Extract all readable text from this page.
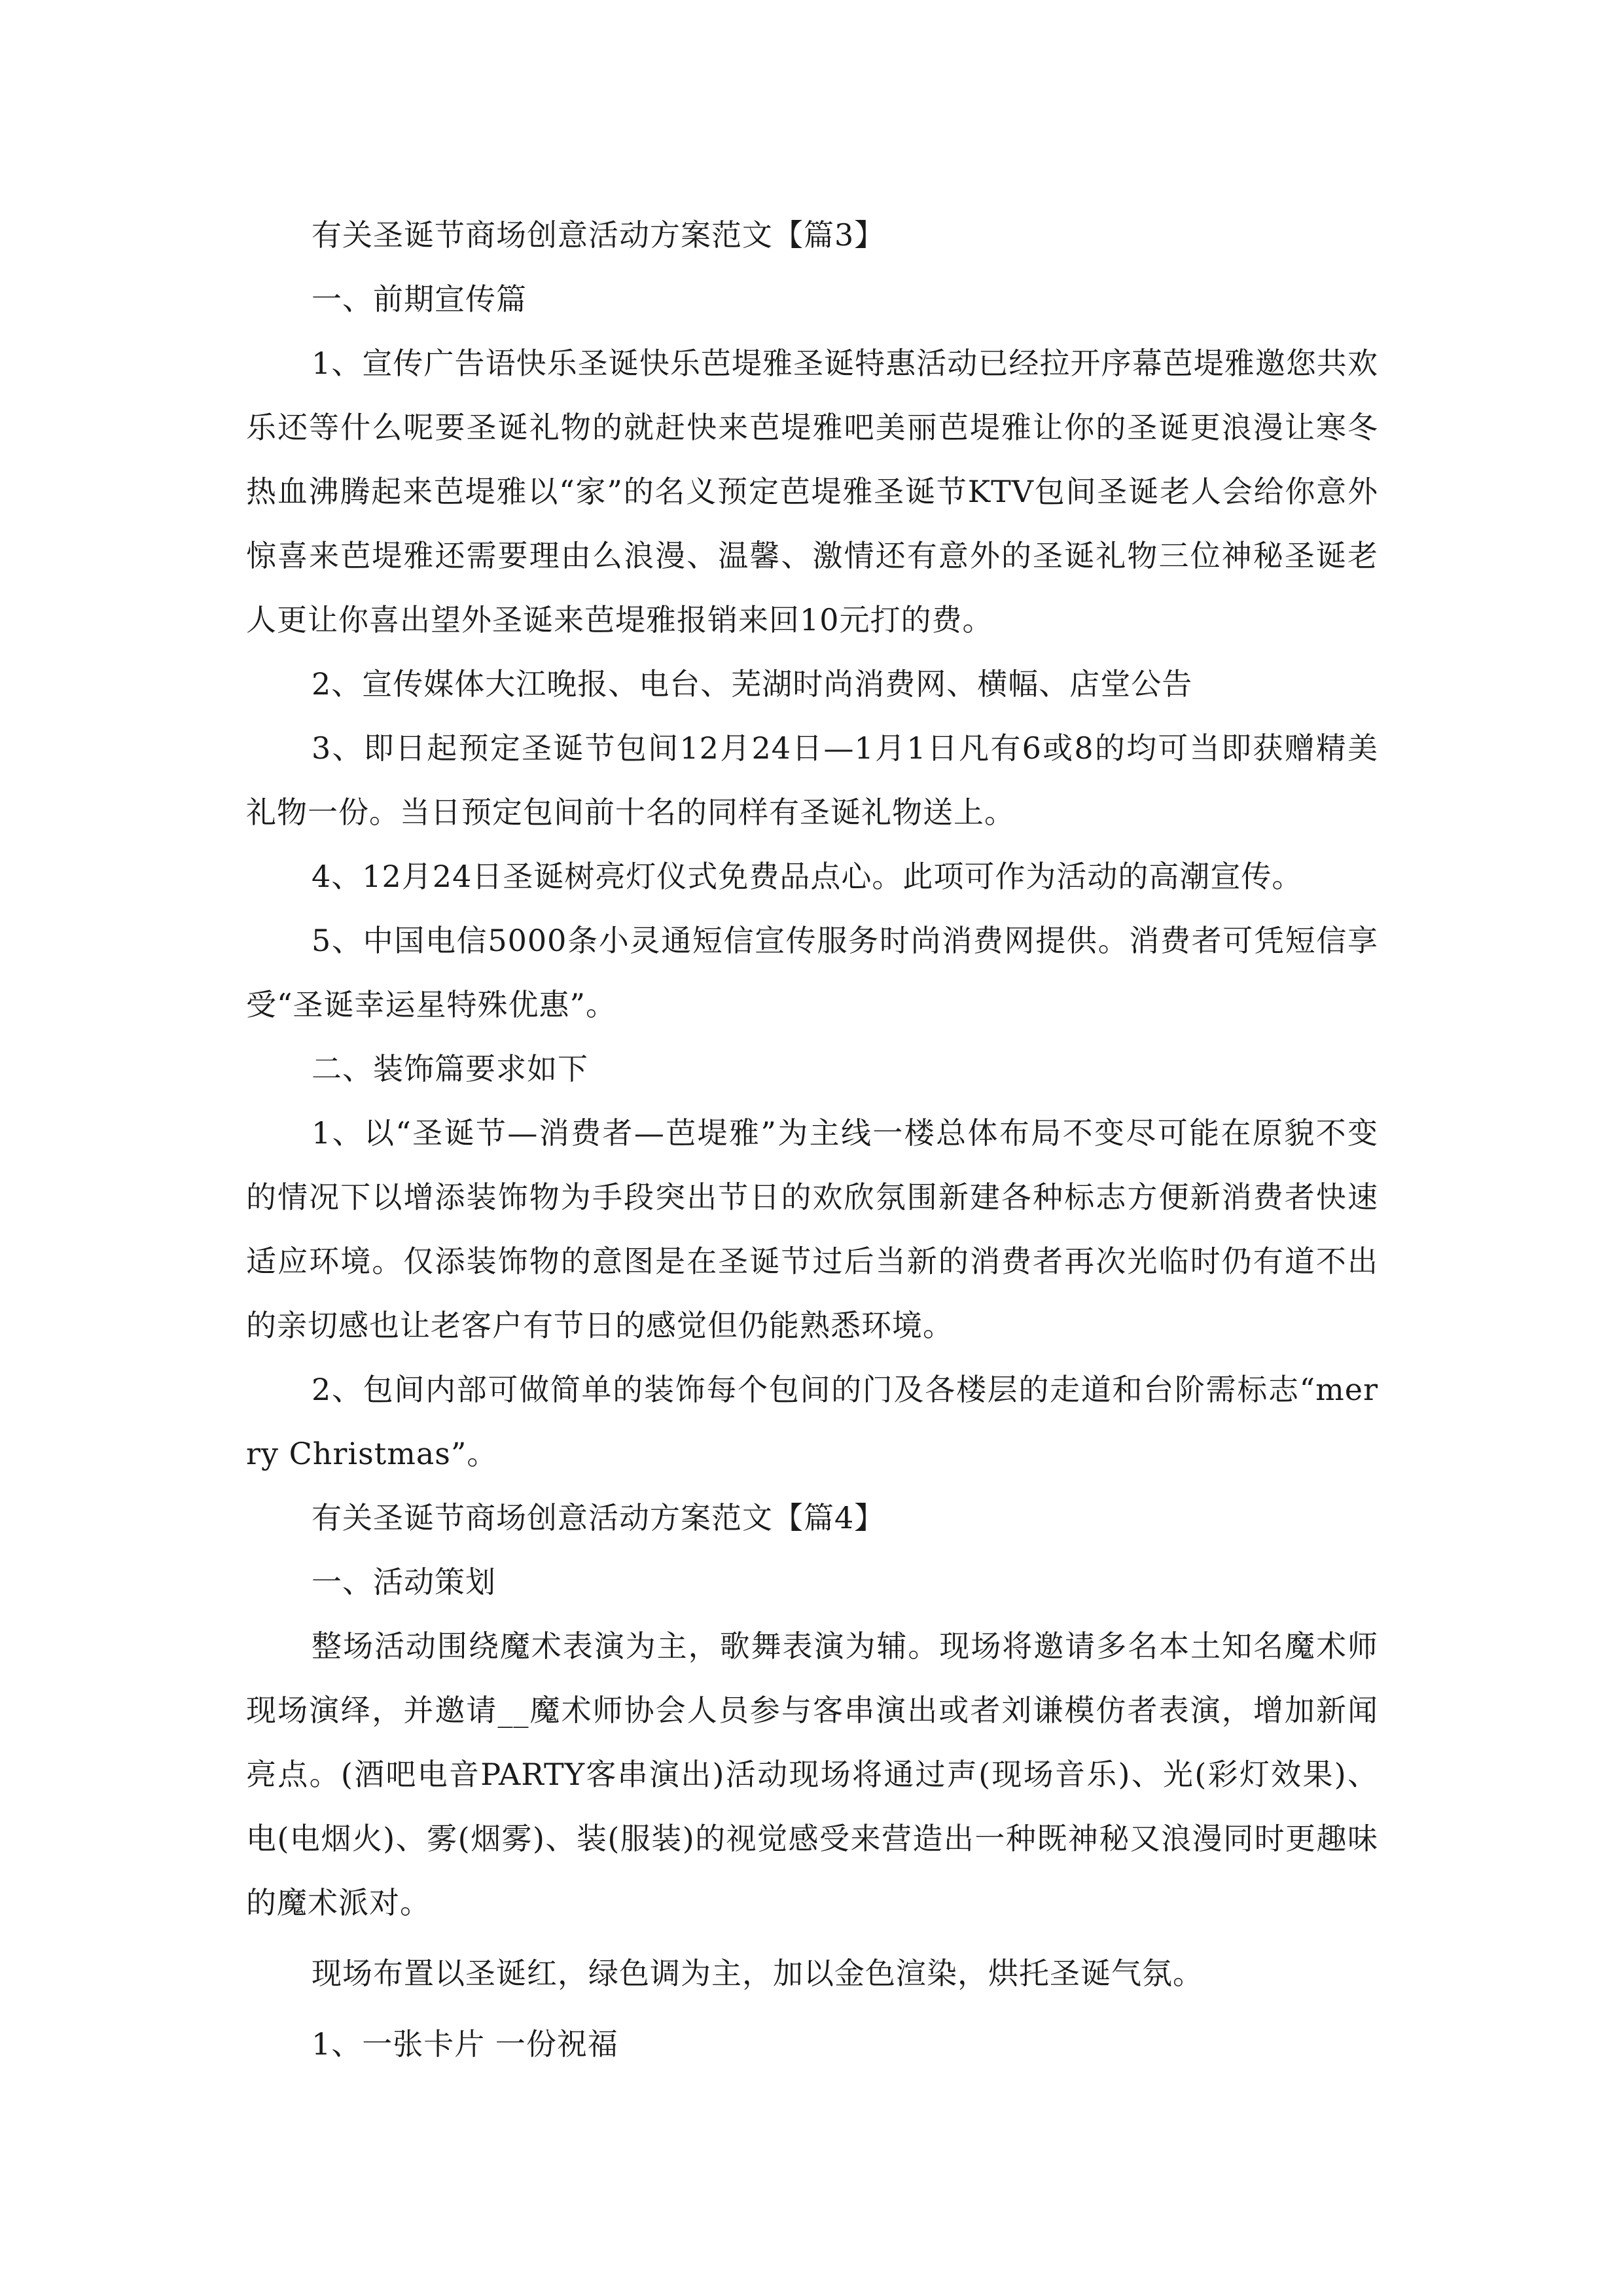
有关圣诞节商场创意活动方案范文【篇3】

一、前期宣传篇

1、宣传广告语快乐圣诞快乐芭堤雅圣诞特惠活动已经拉开序幕芭堤雅邀您共欢乐还等什么呢要圣诞礼物的就赶快来芭堤雅吧美丽芭堤雅让你的圣诞更浪漫让寒冬热血沸腾起来芭堤雅以“家”的名义预定芭堤雅圣诞节KTV包间圣诞老人会给你意外惊喜来芭堤雅还需要理由么浪漫、温馨、激情还有意外的圣诞礼物三位神秘圣诞老人更让你喜出望外圣诞来芭堤雅报销来回10元打的费。

2、宣传媒体大江晚报、电台、芜湖时尚消费网、横幅、店堂公告

3、即日起预定圣诞节包间12月24日—1月1日凡有6或8的均可当即获赠精美礼物一份。当日预定包间前十名的同样有圣诞礼物送上。

4、12月24日圣诞树亮灯仪式免费品点心。此项可作为活动的高潮宣传。

5、中国电信5000条小灵通短信宣传服务时尚消费网提供。消费者可凭短信享受“圣诞幸运星特殊优惠”。

二、装饰篇要求如下

1、以“圣诞节—消费者—芭堤雅”为主线一楼总体布局不变尽可能在原貌不变的情况下以增添装饰物为手段突出节日的欢欣氛围新建各种标志方便新消费者快速适应环境。仅添装饰物的意图是在圣诞节过后当新的消费者再次光临时仍有道不出的亲切感也让老客户有节日的感觉但仍能熟悉环境。

2、包间内部可做简单的装饰每个包间的门及各楼层的走道和台阶需标志“merry Christmas”。

有关圣诞节商场创意活动方案范文【篇4】

一、活动策划

整场活动围绕魔术表演为主，歌舞表演为辅。现场将邀请多名本土知名魔术师现场演绎，并邀请__魔术师协会人员参与客串演出或者刘谦模仿者表演，增加新闻亮点。(酒吧电音PARTY客串演出)活动现场将通过声(现场音乐)、光(彩灯效果)、电(电烟火)、雾(烟雾)、装(服装)的视觉感受来营造出一种既神秘又浪漫同时更趣味的魔术派对。

现场布置以圣诞红，绿色调为主，加以金色渲染，烘托圣诞气氛。

1、一张卡片 一份祝福
